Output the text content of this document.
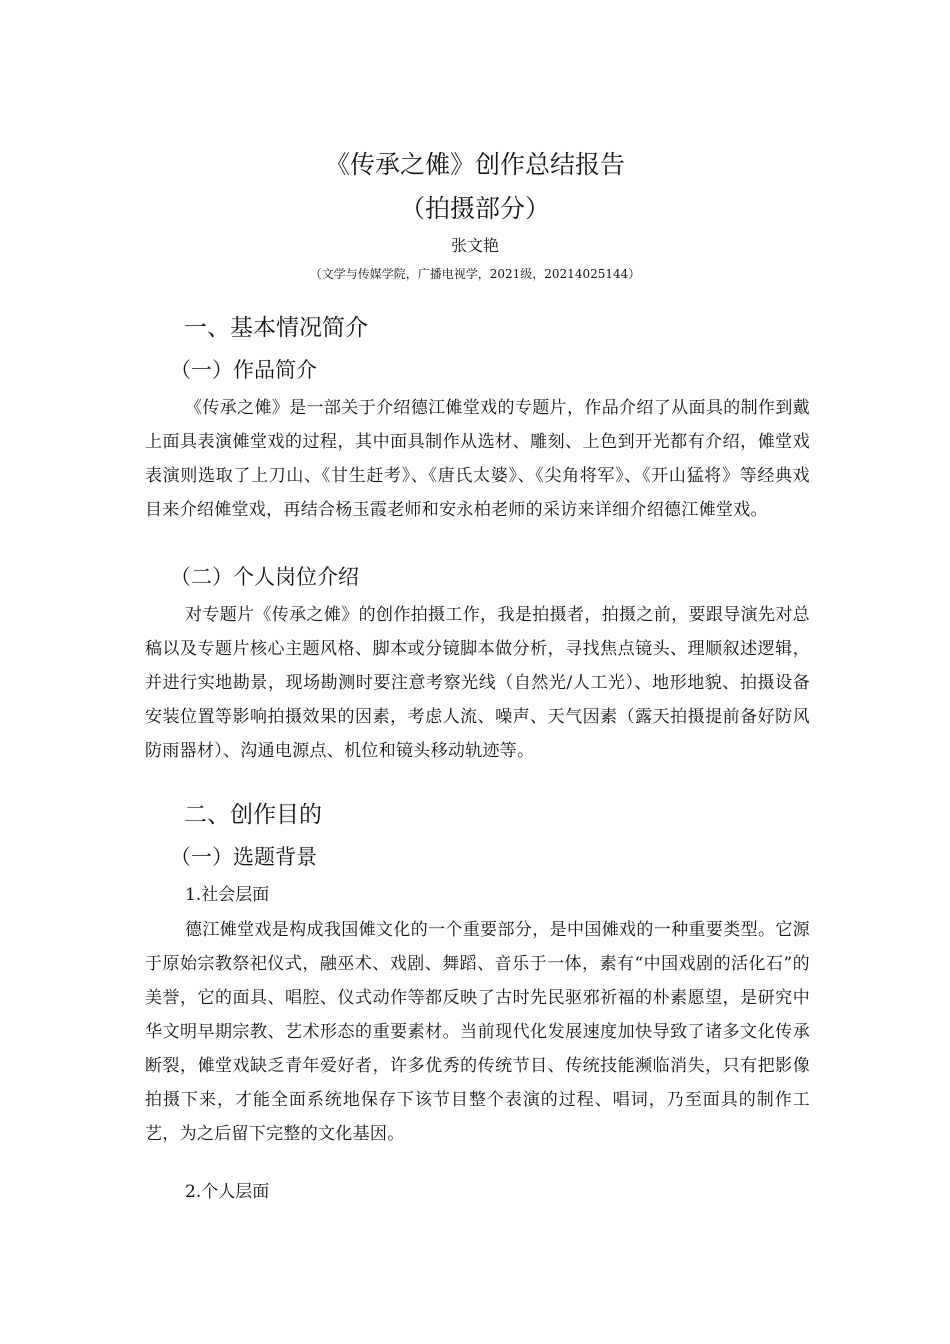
《传承之傩》创作总结报告
（拍摄部分）
张文艳
（文学与传媒学院，广播电视学，2021级，20214025144）
一、基本情况简介
（一）作品简介

《传承之傩》是一部关于介绍德江傩堂戏的专题片，作品介绍了从面具的制作到戴上面具表演傩堂戏的过程，其中面具制作从选材、雕刻、上色到开光都有介绍，傩堂戏表演则选取了上刀山、《甘生赶考》、《唐氏太婆》、《尖角将军》、《开山猛将》等经典戏目来介绍傩堂戏，再结合杨玉霞老师和安永柏老师的采访来详细介绍德江傩堂戏。

（二）个人岗位介绍

对专题片《传承之傩》的创作拍摄工作，我是拍摄者，拍摄之前，要跟导演先对总稿以及专题片核心主题风格、脚本或分镜脚本做分析，寻找焦点镜头、理顺叙述逻辑，并进行实地勘景，现场勘测时要注意考察光线（自然光/人工光）、地形地貌、拍摄设备安装位置等影响拍摄效果的因素，考虑人流、噪声、天气因素（露天拍摄提前备好防风防雨器材）、沟通电源点、机位和镜头移动轨迹等。

二、创作目的
（一）选题背景
1.社会层面

德江傩堂戏是构成我国傩文化的一个重要部分，是中国傩戏的一种重要类型。它源于原始宗教祭祀仪式，融巫术、戏剧、舞蹈、音乐于一体，素有“中国戏剧的活化石”的美誉，它的面具、唱腔、仪式动作等都反映了古时先民驱邪祈福的朴素愿望，是研究中华文明早期宗教、艺术形态的重要素材。当前现代化发展速度加快导致了诸多文化传承断裂，傩堂戏缺乏青年爱好者，许多优秀的传统节目、传统技能濒临消失，只有把影像拍摄下来，才能全面系统地保存下该节目整个表演的过程、唱词，乃至面具的制作工艺，为之后留下完整的文化基因。

2.个人层面
